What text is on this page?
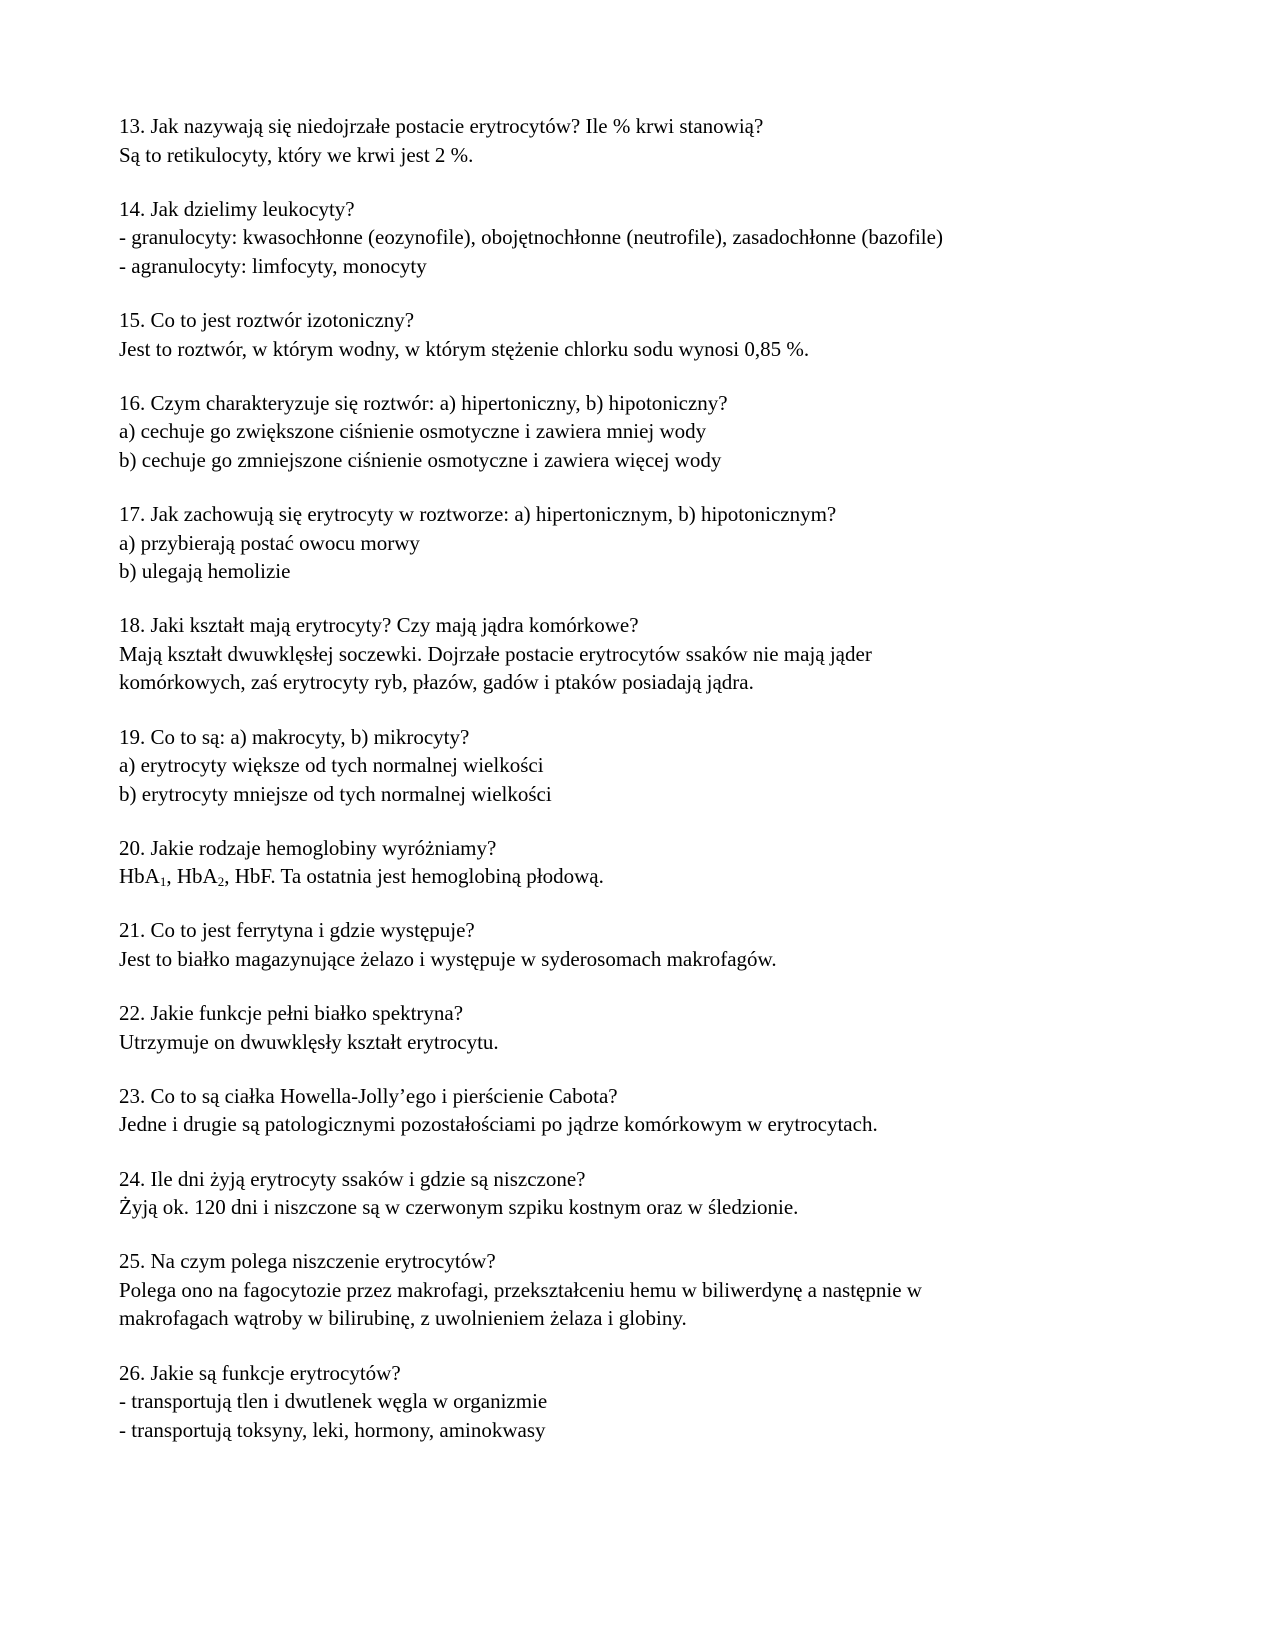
13. Jak nazywają się niedojrzałe postacie erytrocytów? Ile % krwi stanowią?
Są to retikulocyty, który we krwi jest 2 %.
14. Jak dzielimy leukocyty?
- granulocyty: kwasochłonne (eozynofile), obojętnochłonne (neutrofile), zasadochłonne (bazofile)
- agranulocyty: limfocyty, monocyty
15. Co to jest roztwór izotoniczny?
Jest to roztwór, w którym wodny, w którym stężenie chlorku sodu wynosi 0,85 %.
16. Czym charakteryzuje się roztwór: a) hipertoniczny, b) hipotoniczny?
a) cechuje go zwiększone ciśnienie osmotyczne i zawiera mniej wody
b) cechuje go zmniejszone ciśnienie osmotyczne i zawiera więcej wody
17. Jak zachowują się erytrocyty w roztworze: a) hipertonicznym, b) hipotonicznym?
a) przybierają postać owocu morwy
b) ulegają hemolizie
18. Jaki kształt mają erytrocyty? Czy mają jądra komórkowe?
Mają kształt dwuwklęsłej soczewki. Dojrzałe postacie erytrocytów ssaków nie mają jąder
komórkowych, zaś erytrocyty ryb, płazów, gadów i ptaków posiadają jądra.
19. Co to są: a) makrocyty, b) mikrocyty?
a) erytrocyty większe od tych normalnej wielkości
b) erytrocyty mniejsze od tych normalnej wielkości
20. Jakie rodzaje hemoglobiny wyróżniamy?
HbA$_1$, HbA$_2$, HbF. Ta ostatnia jest hemoglobiną płodową.
21. Co to jest ferrytyna i gdzie występuje?
Jest to białko magazynujące żelazo i występuje w syderosomach makrofagów.
22. Jakie funkcje pełni białko spektryna?
Utrzymuje on dwuwklęsły kształt erytrocytu.
23. Co to są ciałka Howella-Jolly’ego i pierścienie Cabota?
Jedne i drugie są patologicznymi pozostałościami po jądrze komórkowym w erytrocytach.
24. Ile dni żyją erytrocyty ssaków i gdzie są niszczone?
Żyją ok. 120 dni i niszczone są w czerwonym szpiku kostnym oraz w śledzionie.
25. Na czym polega niszczenie erytrocytów?
Polega ono na fagocytozie przez makrofagi, przekształceniu hemu w biliwerdynę a następnie w
makrofagach wątroby w bilirubinę, z uwolnieniem żelaza i globiny.
26. Jakie są funkcje erytrocytów?
- transportują tlen i dwutlenek węgla w organizmie
- transportują toksyny, leki, hormony, aminokwasy
